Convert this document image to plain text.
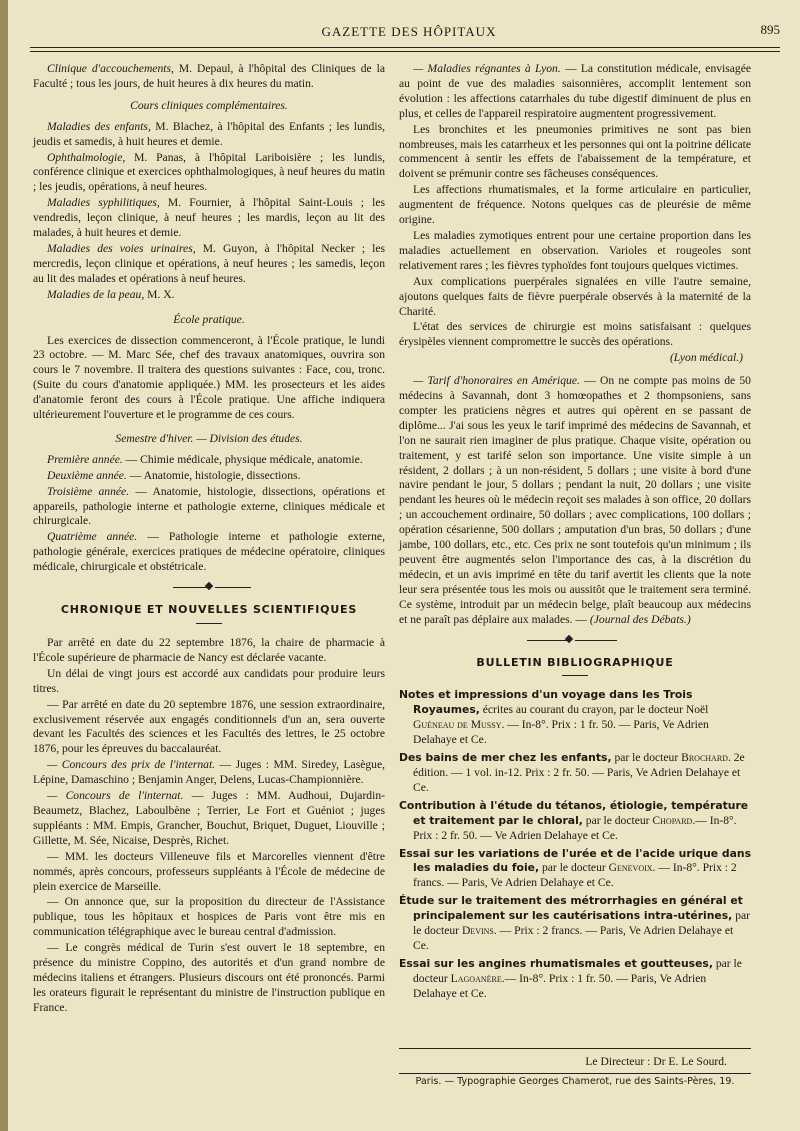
GAZETTE DES HÔPITAUX	895

Clinique d'accouchements, M. Depaul, à l'hôpital des Cliniques de la Faculté ; tous les jours, de huit heures à dix heures du matin.

Cours cliniques complémentaires.

Maladies des enfants, M. Blachez, à l'hôpital des Enfants ; les lundis, jeudis et samedis, à huit heures et demie.

Ophthalmologie, M. Panas, à l'hôpital Lariboisière ; les lundis, conférence clinique et exercices ophthalmologiques, à neuf heures du matin ; les jeudis, opérations, à neuf heures.

Maladies syphilitiques, M. Fournier, à l'hôpital Saint-Louis ; les vendredis, leçon clinique, à neuf heures ; les mardis, leçon au lit des malades, à huit heures et demie.

Maladies des voies urinaires, M. Guyon, à l'hôpital Necker ; les mercredis, leçon clinique et opérations, à neuf heures ; les samedis, leçon au lit des malades et opérations à neuf heures.

Maladies de la peau, M. X.

École pratique.

Les exercices de dissection commenceront, à l'École pratique, le lundi 23 octobre. — M. Marc Sée, chef des travaux anatomiques, ouvrira son cours le 7 novembre. Il traitera des questions suivantes : Face, cou, tronc. (Suite du cours d'anatomie appliquée.) MM. les prosecteurs et les aides d'anatomie feront des cours à l'École pratique. Une affiche indiquera ultérieurement l'ouverture et le programme de ces cours.

Semestre d'hiver. — Division des études.

Première année. — Chimie médicale, physique médicale, anatomie.

Deuxième année. — Anatomie, histologie, dissections.

Troisième année. — Anatomie, histologie, dissections, opérations et appareils, pathologie interne et pathologie externe, cliniques médicale et chirurgicale.

Quatrième année. — Pathologie interne et pathologie externe, pathologie générale, exercices pratiques de médecine opératoire, cliniques médicale, chirurgicale et obstétricale.

CHRONIQUE ET NOUVELLES SCIENTIFIQUES

Par arrêté en date du 22 septembre 1876, la chaire de pharmacie à l'École supérieure de pharmacie de Nancy est déclarée vacante.

Un délai de vingt jours est accordé aux candidats pour produire leurs titres.

— Par arrêté en date du 20 septembre 1876, une session extraordinaire, exclusivement réservée aux engagés conditionnels d'un an, sera ouverte devant les Facultés des sciences et les Facultés des lettres, le 25 octobre 1876, pour les épreuves du baccalauréat.

— Concours des prix de l'internat. — Juges : MM. Siredey, Lasègue, Lépine, Damaschino ; Benjamin Anger, Delens, Lucas-Championnière.

— Concours de l'internat. — Juges : MM. Audhoui, Dujardin-Beaumetz, Blachez, Laboulbène ; Terrier, Le Fort et Guéniot ; juges suppléants : MM. Empis, Grancher, Bouchut, Briquet, Duguet, Liouville ; Gillette, M. Sée, Nicaise, Desprès, Richet.

— MM. les docteurs Villeneuve fils et Marcorelles viennent d'être nommés, après concours, professeurs suppléants à l'École de médecine de plein exercice de Marseille.

— On annonce que, sur la proposition du directeur de l'Assistance publique, tous les hôpitaux et hospices de Paris vont être mis en communication télégraphique avec le bureau central d'admission.

— Le congrès médical de Turin s'est ouvert le 18 septembre, en présence du ministre Coppino, des autorités et d'un grand nombre de médecins italiens et étrangers. Plusieurs discours ont été prononcés. Parmi les orateurs figurait le représentant du ministre de l'instruction publique en France.

— Maladies régnantes à Lyon. — La constitution médicale, envisagée au point de vue des maladies saisonnières, accomplit lentement son évolution : les affections catarrhales du tube digestif diminuent de plus en plus, et celles de l'appareil respiratoire augmentent progressivement.

Les bronchites et les pneumonies primitives ne sont pas bien nombreuses, mais les catarrheux et les personnes qui ont la poitrine délicate commencent à sentir les effets de l'abaissement de la température, et doivent se prémunir contre ses fâcheuses conséquences.

Les affections rhumatismales, et la forme articulaire en particulier, augmentent de fréquence. Notons quelques cas de pleurésie de même origine.

Les maladies zymotiques entrent pour une certaine proportion dans les maladies actuellement en observation. Varioles et rougeoles sont relativement rares ; les fièvres typhoïdes font toujours quelques victimes.

Aux complications puerpérales signalées en ville l'autre semaine, ajoutons quelques faits de fièvre puerpérale observés à la maternité de la Charité.

L'état des services de chirurgie est moins satisfaisant : quelques érysipèles viennent compromettre le succès des opérations.

(Lyon médical.)

— Tarif d'honoraires en Amérique. — On ne compte pas moins de 50 médecins à Savannah, dont 3 homœopathes et 2 thompsoniens, sans compter les praticiens nègres et autres qui opèrent en se passant de diplôme... J'ai sous les yeux le tarif imprimé des médecins de Savannah, et l'on ne saurait rien imaginer de plus pratique. Chaque visite, opération ou traitement, y est tarifé selon son importance. Une visite simple à un résident, 2 dollars ; à un non-résident, 5 dollars ; une visite à bord d'une navire pendant le jour, 5 dollars ; pendant la nuit, 20 dollars ; une visite pendant les heures où le médecin reçoit ses malades à son office, 20 dollars ; un accouchement ordinaire, 50 dollars ; avec complications, 100 dollars ; opération césarienne, 500 dollars ; amputation d'un bras, 50 dollars ; d'une jambe, 100 dollars, etc., etc. Ces prix ne sont toutefois qu'un minimum ; ils peuvent être augmentés selon l'importance des cas, à la discrétion du médecin, et un avis imprimé en tête du tarif avertit les clients que la note leur sera présentée tous les mois ou aussitôt que le traitement sera terminé. Ce système, introduit par un médecin belge, plaît beaucoup aux médecins et ne paraît pas déplaire aux malades. — (Journal des Débats.)

BULLETIN BIBLIOGRAPHIQUE

Notes et impressions d'un voyage dans les Trois Royaumes, écrites au courant du crayon, par le docteur Noël Guéneau de Mussy. — In-8°. Prix : 1 fr. 50. — Paris, Ve Adrien Delahaye et Ce.

Des bains de mer chez les enfants, par le docteur Brochard. 2e édition. — 1 vol. in-12. Prix : 2 fr. 50. — Paris, Ve Adrien Delahaye et Ce.

Contribution à l'étude du tétanos, étiologie, température et traitement par le chloral, par le docteur Chopard.— In-8°. Prix : 2 fr. 50. — Ve Adrien Delahaye et Ce.

Essai sur les variations de l'urée et de l'acide urique dans les maladies du foie, par le docteur Genevoix. — In-8°. Prix : 2 francs. — Paris, Ve Adrien Delahaye et Ce.

Étude sur le traitement des métrorrhagies en général et principalement sur les cautérisations intra-utérines, par le docteur Devins. — Prix : 2 francs. — Paris, Ve Adrien Delahaye et Ce.

Essai sur les angines rhumatismales et goutteuses, par le docteur Lagoanère.— In-8°. Prix : 1 fr. 50. — Paris, Ve Adrien Delahaye et Ce.

Le Directeur : Dr E. Le Sourd.
Paris. — Typographie Georges Chamerot, rue des Saints-Pères, 19.
